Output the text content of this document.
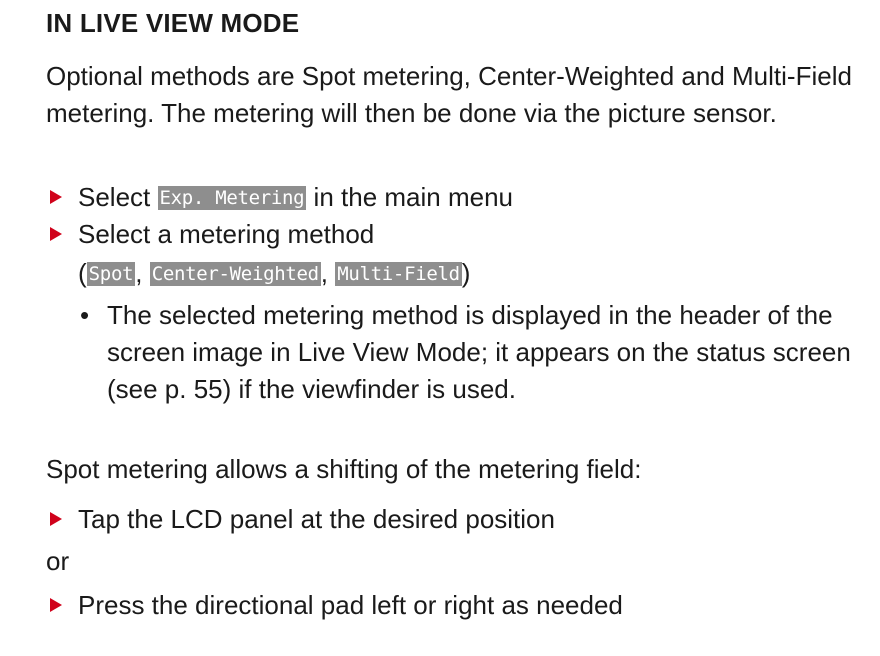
IN LIVE VIEW MODE
Optional methods are Spot metering, Center-Weighted and Multi-Field metering. The metering will then be done via the picture sensor.
Select Exp. Metering in the main menu
Select a metering method
( Spot, Center-Weighted, Multi-Field)
• The selected metering method is displayed in the header of the screen image in Live View Mode; it appears on the status screen (see p. 55) if the viewfinder is used.
Spot metering allows a shifting of the metering field:
Tap the LCD panel at the desired position
or
Press the directional pad left or right as needed
